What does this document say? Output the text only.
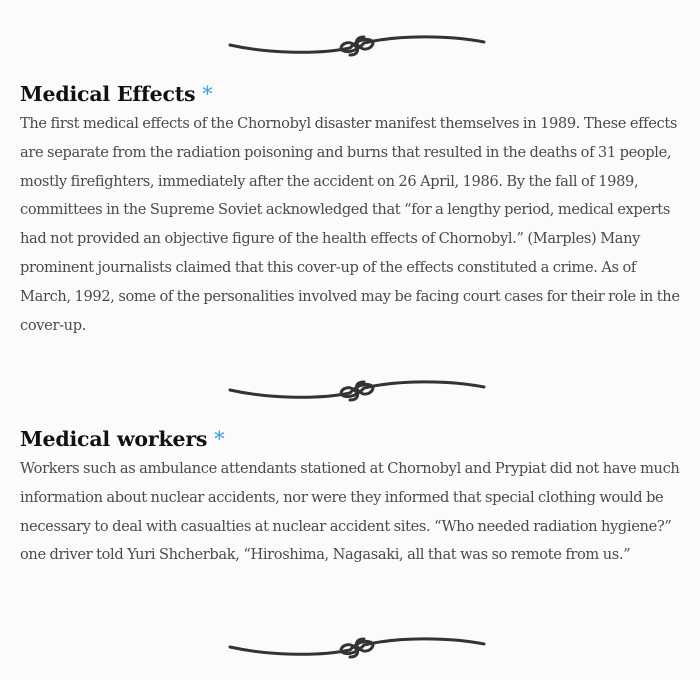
Medical Effects *

The first medical effects of the Chornobyl disaster manifest themselves in 1989. These effects are separate from the radiation poisoning and burns that resulted in the deaths of 31 people, mostly firefighters, immediately after the accident on 26 April, 1986. By the fall of 1989, committees in the Supreme Soviet acknowledged that “for a lengthy period, medical experts had not provided an objective figure of the health effects of Chornobyl.” (Marples) Many prominent journalists claimed that this cover-up of the effects constituted a crime. As of March, 1992, some of the personalities involved may be facing court cases for their role in the cover-up.

Medical workers *

Workers such as ambulance attendants stationed at Chornobyl and Prypiat did not have much information about nuclear accidents, nor were they informed that special clothing would be necessary to deal with casualties at nuclear accident sites. “Who needed radiation hygiene?” one driver told Yuri Shcherbak, “Hiroshima, Nagasaki, all that was so remote from us.”
